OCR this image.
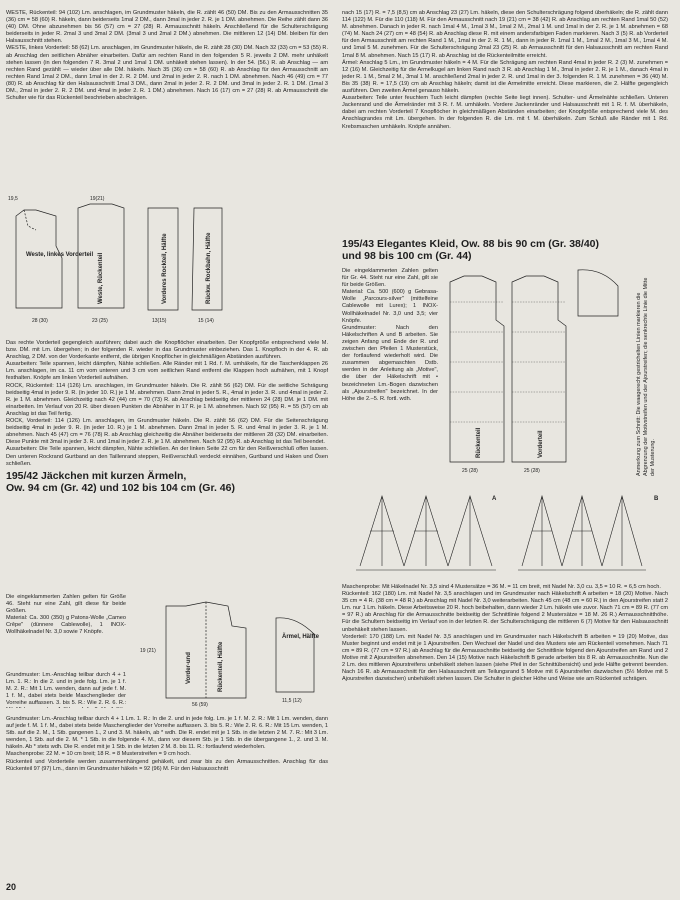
WESTE, Rückenteil: 94 (102) Lm. anschlagen, im Grundmuster häkeln, die R. zählt 46 (50) DM. Bis zu den Armausschnitten 35 (36) cm = 58 (60) R. häkeln, dann beiderseits 1mal 2 DM., dann 3mal in jeder 2. R. je 1 DM. abnehmen. Die Reihe zählt dann 36 (40) DM. Ohne abzunehmen bis 56 (57) cm = 27 (28) R. Armausschnitt häkeln. Anschließend für die Schulterschrägung beiderseits in jeder R. 2mal 3 und 3mal 2 DM. (3mal 3 und 2mal 2 DM.) abnehmen. Die mittleren 12 (14) DM. bleiben für den Halsausschnitt stehen.

WESTE, linkes Vorderteil: 58 (62) Lm. anschlagen, im Grundmuster häkeln, die R. zählt 28 (30) DM. Nach 32 (33) cm = 53 (55) R. ab Anschlag den seitlichen Abnäher einarbeiten. Dafür am rechten Rand in den folgenden 5 R. jeweils 2 DM. mehr unhäkelt stehen lassen (in den folgenden 7 R. 3mal 2 und 1mal 1 DM. unhäkelt stehen lassen). In der 54. (56.) R. ab Anschlag — am rechten Rand gezählt — wieder über alle DM. häkeln. Nach 35 (36) cm = 58 (60) R. ab Anschlag für den Armausschnitt am rechten Rand 1mal 2 DM., dann 1mal in der 2. R. 2 DM. und 2mal in jeder 2. R. nach 1 DM. abnehmen. Nach 46 (49) cm = 77 (80) R. ab Anschlag für den Halsausschnitt 1mal 3 DM., dann 2mal in jeder 2. R. 2 DM. und 3mal in jeder 2. R. 1 DM. (1mal 3 DM., 2mal in jeder 2. R. 2 DM. und 4mal in jeder 2. R. 1 DM.) abnehmen. Nach 16 (17) cm = 27 (28) R. ab Armausschnitt die Schulter wie für das Rückenteil beschrieben abschrägen.

28 (30)	23 (25)	13(15)	15 (14)
19,5	19(21)
Weste, linkes Vorderteil Weste, Rückenteil	Vorderes Rockteil, Hälfte	Rückw. Rockbahn, Hälfte

Das rechte Vorderteil gegengleich ausführen; dabei auch die Knopflöcher einarbeiten. Der Knopfgröße entsprechend viele M. bzw. DM. mit Lm. übergehen; in der folgenden R. wieder in das Grundmuster einbeziehen. Das 1. Knopfloch in der 4. R. ab Anschlag, 2 DM. von der Vorderkante entfernt, die übrigen Knopflöcher in gleichmäßigen Abständen ausführen.

Ausarbeiten: Teile spannen, leicht dämpfen, Nähte schließen. Alle Ränder mit 1 Rd. f. M. umhäkeln, für die Taschenklappen 26 Lm. anschlagen, im ca. 11 cm vom unteren und 3 cm vom seitlichen Rand entfernt die Klappen hoch aufnähen, mit 1 Knopf festhalten. Knöpfe am linken Vorderteil aufnähen.

ROCK, Rückenteil: 114 (126) Lm. anschlagen, im Grundmuster häkeln. Die R. zählt 56 (62) DM. Für die seitliche Schrägung beidseitig 4mal in jeder 9. R. (in jeder 10. R.) je 1 M. abnehmen. Dann 2mal in jeder 5. R., 4mal in jeder 3. R. und 4mal in jeder 2. R. je 1 M. abnehmen. Gleichzeitig nach 42 (44) cm = 70 (73) R. ab Anschlag beidseitig der mittleren 24 (28) DM. je 1 DM. mit einarbeiten. Im Verlauf von 20 R. über diesen Punkten die Abnäher in 17 R. je 1 M. abnehmen. Nach 92 (95) R. = 55 (57) cm ab Anschlag ist das Teil fertig.

ROCK, Vorderteil: 114 (126) Lm. anschlagen, im Grundmuster häkeln. Die R. zählt 56 (62) DM. Für die Seitenschrägung beidseitig 4mal in jeder 9. R. (in jeder 10. R.) je 1 M. abnehmen. Dann 2mal in jeder 5. R. und 4mal in jeder 3. R. je 1 M. abnehmen. Nach 45 (47) cm = 76 (78) R. ab Anschlag gleichzeitig die Abnäher beiderseits der mittleren 28 (32) DM. einarbeiten. Diese Punkte mit 3mal in jeder 3. R. und 1mal in jeder 2. R. je 1 M. abnehmen. Nach 92 (95) R. ab Anschlag ist das Teil beendet.

Ausarbeiten: Die Teile spannen, leicht dämpfen, Nähte schließen. An der linken Seite 22 cm für den Reißverschluß offen lassen. Den unteren Rockrand Gurtband an den Taillenrand steppen, Reißverschluß verdeckt einnähen, Gurtband und Haken und Ösen schließen.

195/42 Jäckchen mit kurzen Ärmeln,
Ow. 94 cm (Gr. 42) und 102 bis 104 cm (Gr. 46)

Die eingeklammerten Zahlen gelten für Größe 46. Steht nur eine Zahl, gilt diese für beide Größen.

Material: Ca. 300 (350) g Patons-Wolle „Cameo Crêpe" (dünnere Cablewolle), 1 INOX-Wollhäkelnadel Nr. 3,0 sowie 7 Knöpfe.

Vorder-und	Rückenteil, Hälfte
Ärmel, Hälfte
56 (59)
19 (21)
11,5 (12)

Grundmuster: Lm.-Anschlag teilbar durch 4 + 1 Lm. 1. R.: In die 2. und in jede folg. Lm. je 1 f. M. 2. R.: Mit 1 Lm. wenden, dann auf jede f. M. 1 f. M., dabei stets beide Maschenglieder der Vorreihe auffassen. 3. bis 5. R.: Wie 2. R. 6. R.:

Grundmuster: Lm.-Anschlag teilbar durch 4 + 1 Lm. 1. R.: In die 2. und in jede folg. Lm. je 1 f. M. 2. R.: Mit 1 Lm. wenden, dann auf jede f. M. 1 f. M., dabei stets beide Maschenglieder der Vorreihe auffassen. 3. bis 5. R.: Wie 2. R. 6. R.: Mit 15 Lm. wenden, 1 Stb. auf die 2. M., 1 Stb. gangenen 1., 2 und 3. M. häkeln, ab * wdh. Die R. endet mit je 1 Stb. in die letzten 2 M. 7. R.: Mit 3 Lm. wenden, 1 Stb. auf die 2. M. * 1 Stb. in die folgende 4. M., dann vor diesem Stb. je 1 Stb. in die übergangene 1., 2. und 3. M. häkeln. Ab * stets wdh. Die R. endet mit je 1 Stb. in die letzten 2 M. 8. bis 11. R.: fortlaufend wiederholen.

Maschenprobe: 22 M. = 10 cm breit; 18 R. = 8 Musterstreifen = 9 cm hoch.

Rückenteil und Vorderteile werden zusammenhängend gehäkelt, und zwar bis zu den Armausschnitten. Anschlag für das Rückenteil 97 (97) Lm., dann im Grundmuster häkeln = 92 (96) M. Für den Halsausschnitt

20

nach 15 (17) R. = 7,5 (8,5) cm ab Anschlag 23 (27) Lm. häkeln, diese den Schulterschrägung folgend überhäkeln; die R. zählt dann 114 (122) M. Für die 110 (118) M. Für den Armausschnitt nach 19 (21) cm = 38 (42) R. ab Anschlag am rechten Rand 1mal 50 (52) M. abnehmen. Danach in jeder R. nach 1mal 4 M., 1mal 3 M., 1mal 2 M., 2mal 1 M. und 1mal in der 2. R. je 1 M. abnehmen = 68 (74) M. Nach 24 (27) cm = 48 (54) R. ab Anschlag diese R. mit einem andersfarbigen Faden markieren. Nach 3 (5) R. ab Vorderteil für den Armausschnitt am rechten Rand 1 M., 1mal in der 2. R. 1 M., dann in jeder R. 1mal 1 M., 1mal 2 M., 1mal 3 M., 1mal 4 M. und 1mal 5 M. zunehmen. Für die Schulterschrägung 2mal 23 (25) R. ab Armausschnitt für den Halsausschnitt am rechten Rand 1mal 8 M. abnehmen. Nach 15 (17) R. ab Anschlag ist die Rückenteilmitte erreicht.

Ärmel: Anschlag 5 Lm., im Grundmuster häkeln = 4 M. Für die Schrägung am rechten Rand 4mal in jeder R. 2 (3) M. zunehmen = 12 (16) M. Gleichzeitig für die Armelkugel am linken Rand nach 3 R. ab Anschlag 1 M., 3mal in jeder 2. R. je 1 M., danach 4mal in jeder R. 1 M., 5mal 2 M., 3mal 1 M. anschließend 2mal in jeder 2. R. und 1mal in der 3. folgenden R. 1 M. zunehmen = 36 (40) M. Bis 35 (38) R. = 17,5 (19) cm ab Anschlag häkeln; damit ist die Armelmitte erreicht. Diese markieren, die 2. Hälfte gegengleich ausführen. Den zweiten Ärmel genauso häkeln.

Ausarbeiten: Teile unter feuchtem Tuch leicht dämpfen (rechte Seite liegt innen). Schulter- und Ärmelnähte schließen. Unteren Jackenrand und die Ärmelränder mit 3 R. f. M. umhäkeln. Vordere Jackenränder und Halsausschnitt mit 1 R. f. M. überhäkeln, dabei am rechten Vorderteil 7 Knopflöcher in gleichmäßigen Abständen einarbeiten; der Knopfgröße entsprechend viele M. des Anschlagrandes mit Lm. übergehen. In der folgenden R. die Lm. mit f. M. überhäkeln. Zum Schluß alle Ränder mit 1 Rd. Krebsmaschen umhäkeln. Knöpfe annähen.

195/43 Elegantes Kleid, Ow. 88 bis 90 cm (Gr. 38/40)
und 98 bis 100 cm (Gr. 44)

Die eingeklammerten Zahlen gelten für Gr. 44. Steht nur eine Zahl, gilt sie für beide Größen.

Material: Ca. 500 (600) g Gebrasa-Wolle „Parcours-silver" (mittelfeine Cablewolle mit Lurex); 1 INOX-Wollhäkelnadel Nr. 3,0 und 3,5; vier Knöpfe.

Grundmuster: Nach den Häkelschriften A und B arbeiten. Sie zeigen Anfang und Ende der R. und zwischen den Pfeilen 1 Musterstück, der fortlaufend wiederholt wird. Die zusammen abgemaschten Dstb. werden in der Anleitung als „Motive", die über der Häkelschrift mit • bezeichneten Lm.-Bogen dazwischen als „Ajourstreifen" bezeichnet. In der Höhe die 2.–5. R. fortl. wdh.

Rückenteil	Vorderteil
25 (28)	25 (28)	Anmerkung zum Schnitt: Die waagerecht gestrichelten Linien markieren die Abgrenzung der Motivstreifen und der Ajourstreifen; die senkrechte Linie die Mitte der Musterung.
A	B

Maschenprobe: Mit Häkelnadel Nr. 3,5 sind 4 Mustersätze = 36 M. = 11 cm breit, mit Nadel Nr. 3,0 cu. 3,5 = 10 R. = 6,5 cm hoch.

Rückenteil: 162 (180) Lm. mit Nadel Nr. 3,5 anschlagen und im Grundmuster nach Häkelschrift A arbeiten = 18 (20) Motive. Nach 35 cm = 4 R. (38 cm = 48 R.) ab Anschlag mit Nadel Nr. 3,0 weiterarbeiten. Nach 45 cm (48 cm = 60 R.) in den Ajourstreifen statt 2 Lm. nur 1 Lm. häkeln. Diese Arbeitsweise 20 R. hoch beibehalten, dann wieder 2 Lm. häkeln wie zuvor. Nach 71 cm = 89 R. (77 cm = 97 R.) ab Anschlag für die Armausschnitte beidseitig der Schnittlinie folgend 2 Mustersätze = 18 M. 26 R.) Armausschnitthöhe. Für die Schultern beidseitig im Verlauf von in der letzten R. der Schulterschrägung die mittleren 6 (7) Motive für den Halsausschnitt unbehäkelt stehen lassen.

Vorderteil: 170 (188) Lm. mit Nadel Nr. 3,5 anschlagen und im Grundmuster nach Häkelschrift B arbeiten = 19 (20) Motive, das Muster beginnt und endet mit je 1 Ajourstreifen. Den Wechsel der Nadel und des Musters wie am Rückenteil vornehmen. Nach 71 cm = 89 R. (77 cm = 97 R.) ab Anschlag für die Armausschnitte beidseitig der Schnittlinie folgend den Ajourstreifen am Rand und 2 Motive mit 2 Ajourstreifen abnehmen. Den 14 (15) Motive nach Häkelschrift B gerade arbeiten bis 8 R. ab Armausschnitte. Nun die 2 Lm. des mittleren Ajourstreifens unbehäkelt stehen lassen (siehe Pfeil in der Schnittübersicht) und jede Hälfte getrennt beenden. Nach 16 R. ab Armausschnitt für den Halsausschnitt am Teilungsrand 5 Motive mit 6 Ajourstreifen dazwischen (5½ Motive mit 5 Ajourstreifen dazwischen) unbehäkelt stehen lassen. Die Schulter in gleicher Höhe und Weise wie am Rückenteil schrägen.
